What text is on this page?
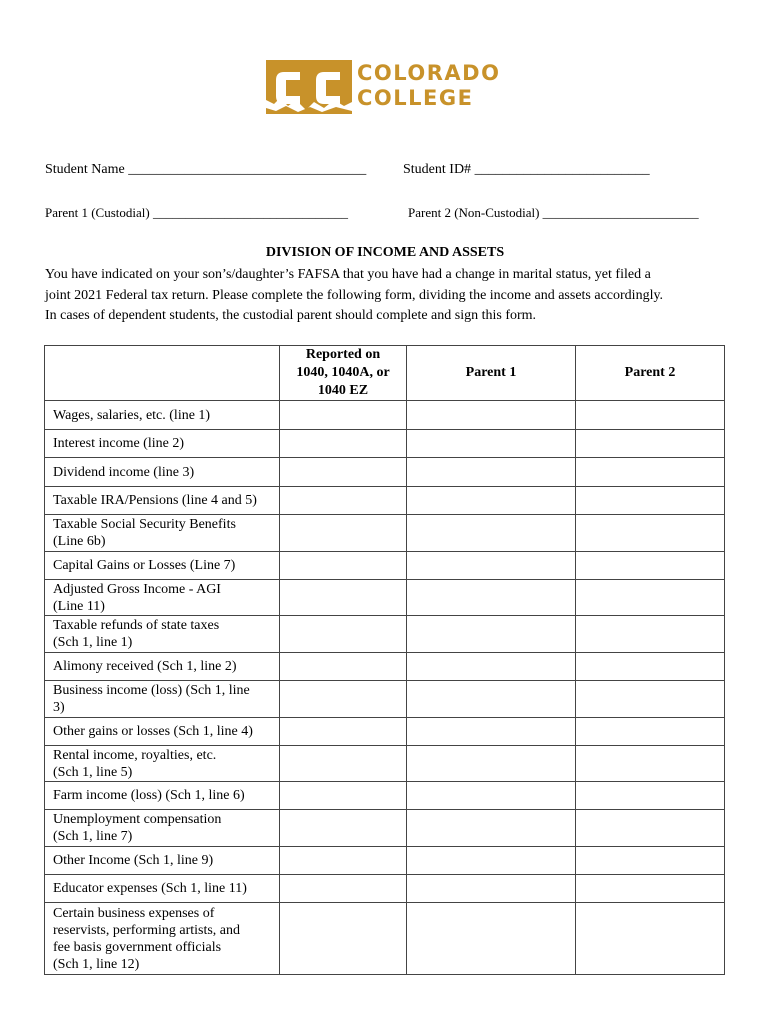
COLORADO
COLLEGE
Student Name __________________________________	Student ID# _________________________
Parent 1 (Custodial) ______________________________	Parent 2 (Non-Custodial) ________________________
DIVISION OF INCOME AND ASSETS
You have indicated on your son’s/daughter’s FAFSA that you have had a change in marital status, yet filed a
joint 2021 Federal tax return. Please complete the following form, dividing the income and assets accordingly.
In cases of dependent students, the custodial parent should complete and sign this form.

	Reported on
1040, 1040A, or
1040 EZ	Parent 1	Parent 2

Wages, salaries, etc. (line 1)			

Interest income (line 2)			

Dividend income (line 3)			

Taxable IRA/Pensions (line 4 and 5)			

Taxable Social Security Benefits
(Line 6b)			

Capital Gains or Losses (Line 7)			

Adjusted Gross Income - AGI
(Line 11)			

Taxable refunds of state taxes
(Sch 1, line 1)			

Alimony received (Sch 1, line 2)			

Business income (loss) (Sch 1, line
3)			

Other gains or losses (Sch 1, line 4)			

Rental income, royalties, etc.
(Sch 1, line 5)			

Farm income (loss) (Sch 1, line 6)			

Unemployment compensation
(Sch 1, line 7)			

Other Income (Sch 1, line 9)			

Educator expenses (Sch 1, line 11)			

Certain business expenses of
reservists, performing artists, and
fee basis government officials
(Sch 1, line 12)			
